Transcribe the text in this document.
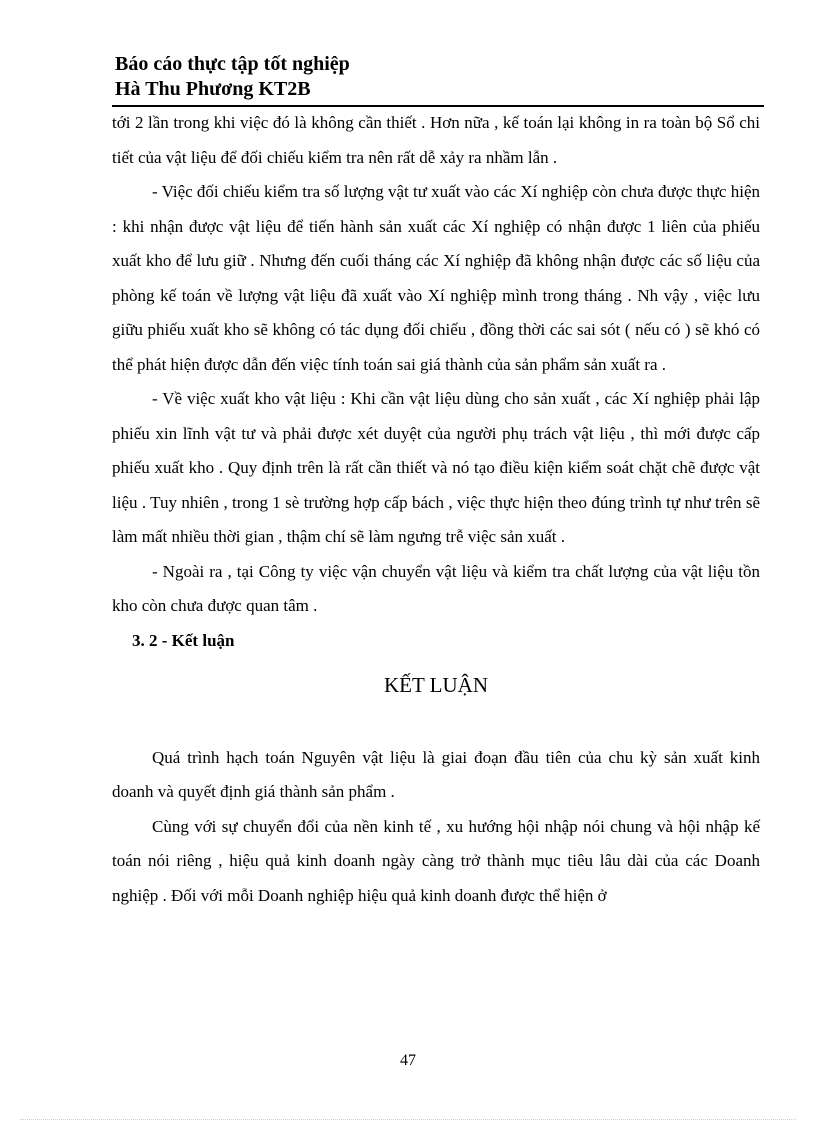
Báo cáo thực tập tốt nghiệp
Hà Thu Phương KT2B

tới 2 lần trong khi việc đó là không cần thiết . Hơn nữa , kế toán lại không in ra toàn bộ Sổ chi tiết của vật liệu để đối chiếu kiểm tra nên rất dễ xảy ra nhầm lẫn .

- Việc đối chiếu kiểm tra số lượng vật tư xuất vào các Xí nghiệp còn chưa được thực hiện : khi nhận được vật liệu để tiến hành sản xuất các Xí nghiệp có nhận được 1 liên của phiếu xuất kho để lưu giữ . Nhưng đến cuối tháng các Xí nghiệp đã không nhận được các số liệu của phòng kế toán về lượng vật liệu đã xuất vào Xí nghiệp mình trong tháng . Nh vậy , việc lưu giữu phiếu xuất kho sẽ không có tác dụng đối chiếu , đồng thời các sai sót ( nếu có ) sẽ khó có thể phát hiện được dẫn đến việc tính toán sai giá thành của sản phẩm sản xuất ra .

- Về việc xuất kho vật liệu : Khi cần vật liệu dùng cho sản xuất , các Xí nghiệp phải lập phiếu xin lĩnh vật tư và phải được xét duyệt của người phụ trách vật liệu , thì mới được cấp phiếu xuất kho . Quy định trên là rất cần thiết và nó tạo điều kiện kiểm soát chặt chẽ được vật liệu . Tuy nhiên , trong 1 sè trường hợp cấp bách , việc thực hiện theo đúng trình tự như trên sẽ làm mất nhiều thời gian , thậm chí sẽ làm ngưng trễ việc sản xuất .

- Ngoài ra , tại Công ty việc vận chuyển vật liệu và kiểm tra chất lượng của vật liệu tồn kho còn chưa được quan tâm .

3. 2 - Kết luận

KẾT LUẬN

Quá trình hạch toán Nguyên vật liệu là giai đoạn đầu tiên của chu kỳ sản xuất kinh doanh và quyết định giá thành sản phẩm .

Cùng với sự chuyển đổi của nền kinh tế , xu hướng hội nhập nói chung và hội nhập kế toán nói riêng , hiệu quả kinh doanh ngày càng trở thành mục tiêu lâu dài của các Doanh nghiệp . Đối với mỗi Doanh nghiệp hiệu quả kinh doanh được thể hiện ở

47
